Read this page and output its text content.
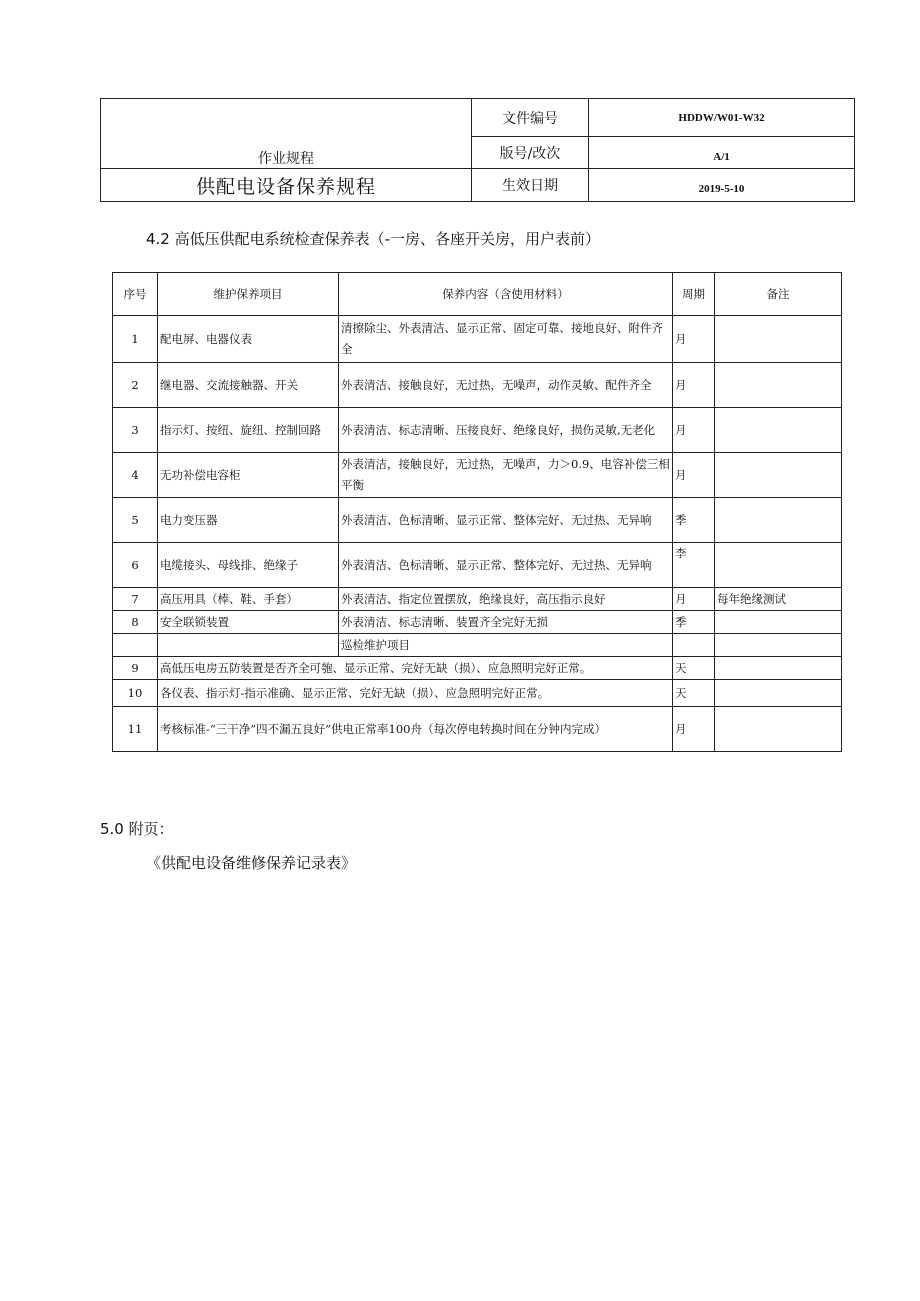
作业规程	文件编号	HDDW/W01-W32
	版号/改次	A/1
供配电设备保养规程	生效日期	2019-5-10
4.2 高低压供配电系统检查保养表（-一房、各座开关房，用户表前）
序号	维护保养项目	保养内容（含使用材料）	周期	备注
1	配电屏、电器仪表	清擦除尘、外表清洁、显示正常、固定可靠、接地良好、附件齐全	月	
2	继电器、交流接触器、开关	外表清洁、接触良好，无过热，无噪声，动作灵敏、配件齐全	月	
3	指示灯、按纽、旋纽、控制回路	外表清洁、标志清晰、压接良好、绝缘良好，损伤灵敏,无老化	月	
4	无功补偿电容柜	外表清洁，接触良好，无过热，无噪声，力＞0.9、电容补偿三相平衡	月	
5	电力变压器	外表清洁、色标清晰、显示正常、整体完好、无过热、无异响	季	
6	电缆接头、母线排、绝缘子	外表清洁、色标清晰、显示正常、整体完好、无过热、无异响	李	
7	高压用具（棒、鞋、手套）	外表清洁、指定位置摆放，绝缘良好，高压指示良好	月	每年绝缘测试
8	安全联锁装置	外表清洁、标志清晰、装置齐全完好无损	季	
		巡检维护项目		
9	高低压电房五防装置是否齐全可匏、显示正常、完好无缺（损）、应急照明完好正常。		天	
10	各仪表、指示灯-指示准确、显示正常、完好无缺（损）、应急照明完好正常。		天	
11	考核标准-“三干净”四不漏五良好”供电正常率100舟（每次停电转换时间在分钟内完成）		月	
5.0 附页：
《供配电设备维修保养记录表》
